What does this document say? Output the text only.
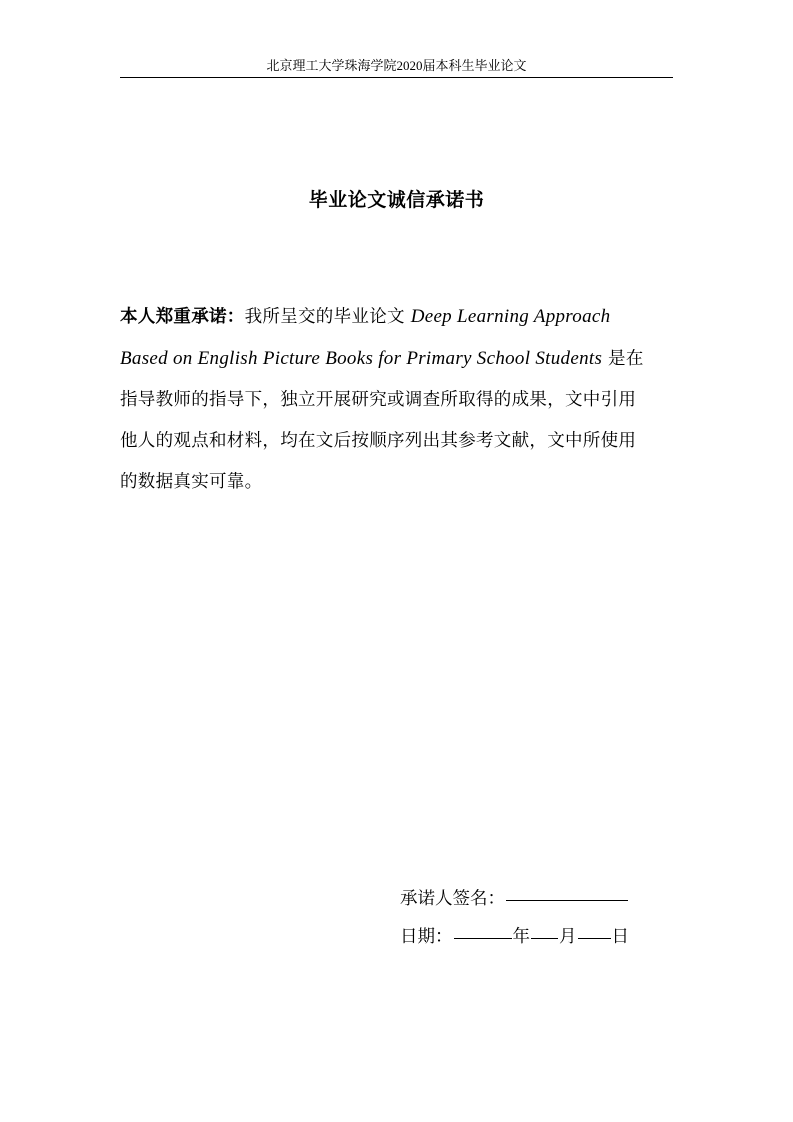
北京理工大学珠海学院2020届本科生毕业论文
毕业论文诚信承诺书

本人郑重承诺：我所呈交的毕业论文 Deep Learning Approach Based on English Picture Books for Primary School Students 是在指导教师的指导下，独立开展研究或调查所取得的成果，文中引用他人的观点和材料，均在文后按顺序列出其参考文献，文中所使用的数据真实可靠。

承诺人签名：
日期：	年 月 日
